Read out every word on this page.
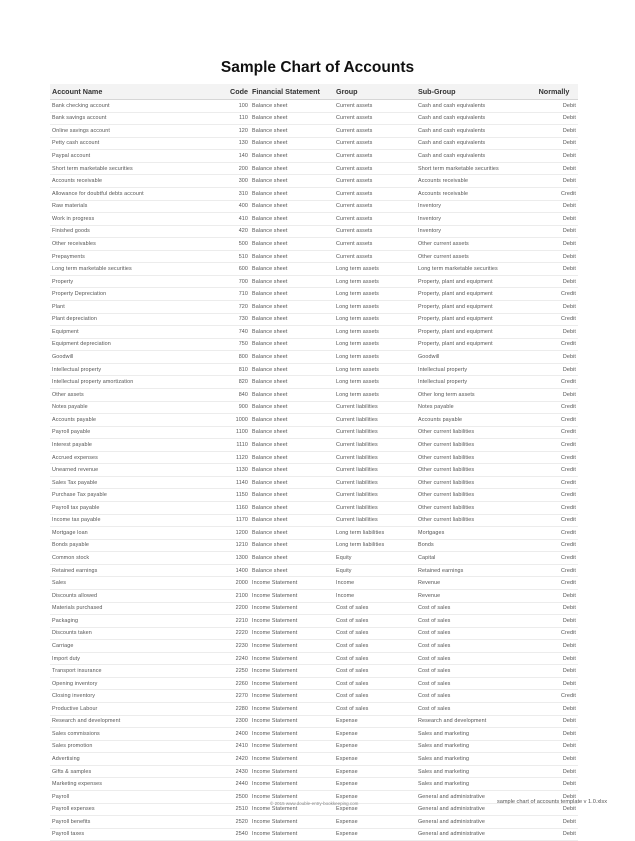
Sample Chart of Accounts
Account Name	Code	Financial Statement	Group	Sub-Group	Normally
Bank checking account	100	Balance sheet	Current assets	Cash and cash equivalents	Debit
Bank savings account	110	Balance sheet	Current assets	Cash and cash equivalents	Debit
Online savings account	120	Balance sheet	Current assets	Cash and cash equivalents	Debit
Petty cash account	130	Balance sheet	Current assets	Cash and cash equivalents	Debit
Paypal account	140	Balance sheet	Current assets	Cash and cash equivalents	Debit
Short term marketable securities	200	Balance sheet	Current assets	Short term marketable securities	Debit
Accounts receivable	300	Balance sheet	Current assets	Accounts receivable	Debit
Allowance for doubtful debts account	310	Balance sheet	Current assets	Accounts receivable	Credit
Raw materials	400	Balance sheet	Current assets	Inventory	Debit
Work in progress	410	Balance sheet	Current assets	Inventory	Debit
Finished goods	420	Balance sheet	Current assets	Inventory	Debit
Other receivables	500	Balance sheet	Current assets	Other current assets	Debit
Prepayments	510	Balance sheet	Current assets	Other current assets	Debit
Long term marketable securities	600	Balance sheet	Long term assets	Long term marketable securities	Debit
Property	700	Balance sheet	Long term assets	Property, plant and equipment	Debit
Property Depreciation	710	Balance sheet	Long term assets	Property, plant and equipment	Credit
Plant	720	Balance sheet	Long term assets	Property, plant and equipment	Debit
Plant depreciation	730	Balance sheet	Long term assets	Property, plant and equipment	Credit
Equipment	740	Balance sheet	Long term assets	Property, plant and equipment	Debit
Equipment depreciation	750	Balance sheet	Long term assets	Property, plant and equipment	Credit
Goodwill	800	Balance sheet	Long term assets	Goodwill	Debit
Intellectual property	810	Balance sheet	Long term assets	Intellectual property	Debit
Intellectual property amortization	820	Balance sheet	Long term assets	Intellectual property	Credit
Other assets	840	Balance sheet	Long term assets	Other long term assets	Debit
Notes payable	900	Balance sheet	Current liabilities	Notes payable	Credit
Accounts payable	1000	Balance sheet	Current liabilities	Accounts payable	Credit
Payroll payable	1100	Balance sheet	Current liabilities	Other current liabilities	Credit
Interest payable	1110	Balance sheet	Current liabilities	Other current liabilities	Credit
Accrued expenses	1120	Balance sheet	Current liabilities	Other current liabilities	Credit
Unearned revenue	1130	Balance sheet	Current liabilities	Other current liabilities	Credit
Sales Tax payable	1140	Balance sheet	Current liabilities	Other current liabilities	Credit
Purchase Tax payable	1150	Balance sheet	Current liabilities	Other current liabilities	Credit
Payroll tax payable	1160	Balance sheet	Current liabilities	Other current liabilities	Credit
Income tax payable	1170	Balance sheet	Current liabilities	Other current liabilities	Credit
Mortgage loan	1200	Balance sheet	Long term liabilities	Mortgages	Credit
Bonds payable	1210	Balance sheet	Long term liabilities	Bonds	Credit
Common stock	1300	Balance sheet	Equity	Capital	Credit
Retained earnings	1400	Balance sheet	Equity	Retained earnings	Credit
Sales	2000	Income Statement	Income	Revenue	Credit
Discounts allowed	2100	Income Statement	Income	Revenue	Debit
Materials purchased	2200	Income Statement	Cost of sales	Cost of sales	Debit
Packaging	2210	Income Statement	Cost of sales	Cost of sales	Debit
Discounts taken	2220	Income Statement	Cost of sales	Cost of sales	Credit
Carriage	2230	Income Statement	Cost of sales	Cost of sales	Debit
Import duty	2240	Income Statement	Cost of sales	Cost of sales	Debit
Transport insurance	2250	Income Statement	Cost of sales	Cost of sales	Debit
Opening inventory	2260	Income Statement	Cost of sales	Cost of sales	Debit
Closing inventory	2270	Income Statement	Cost of sales	Cost of sales	Credit
Productive Labour	2280	Income Statement	Cost of sales	Cost of sales	Debit
Research and development	2300	Income Statement	Expense	Research and development	Debit
Sales commissions	2400	Income Statement	Expense	Sales and marketing	Debit
Sales promotion	2410	Income Statement	Expense	Sales and marketing	Debit
Advertising	2420	Income Statement	Expense	Sales and marketing	Debit
Gifts & samples	2430	Income Statement	Expense	Sales and marketing	Debit
Marketing expenses	2440	Income Statement	Expense	Sales and marketing	Debit
Payroll	2500	Income Statement	Expense	General and administrative	Debit
Payroll expenses	2510	Income Statement	Expense	General and administrative	Debit
Payroll benefits	2520	Income Statement	Expense	General and administrative	Debit
Payroll taxes	2540	Income Statement	Expense	General and administrative	Debit
© 2015 www.double-entry-bookkeeping.com	sample chart of accounts template v 1.0.xlsx
